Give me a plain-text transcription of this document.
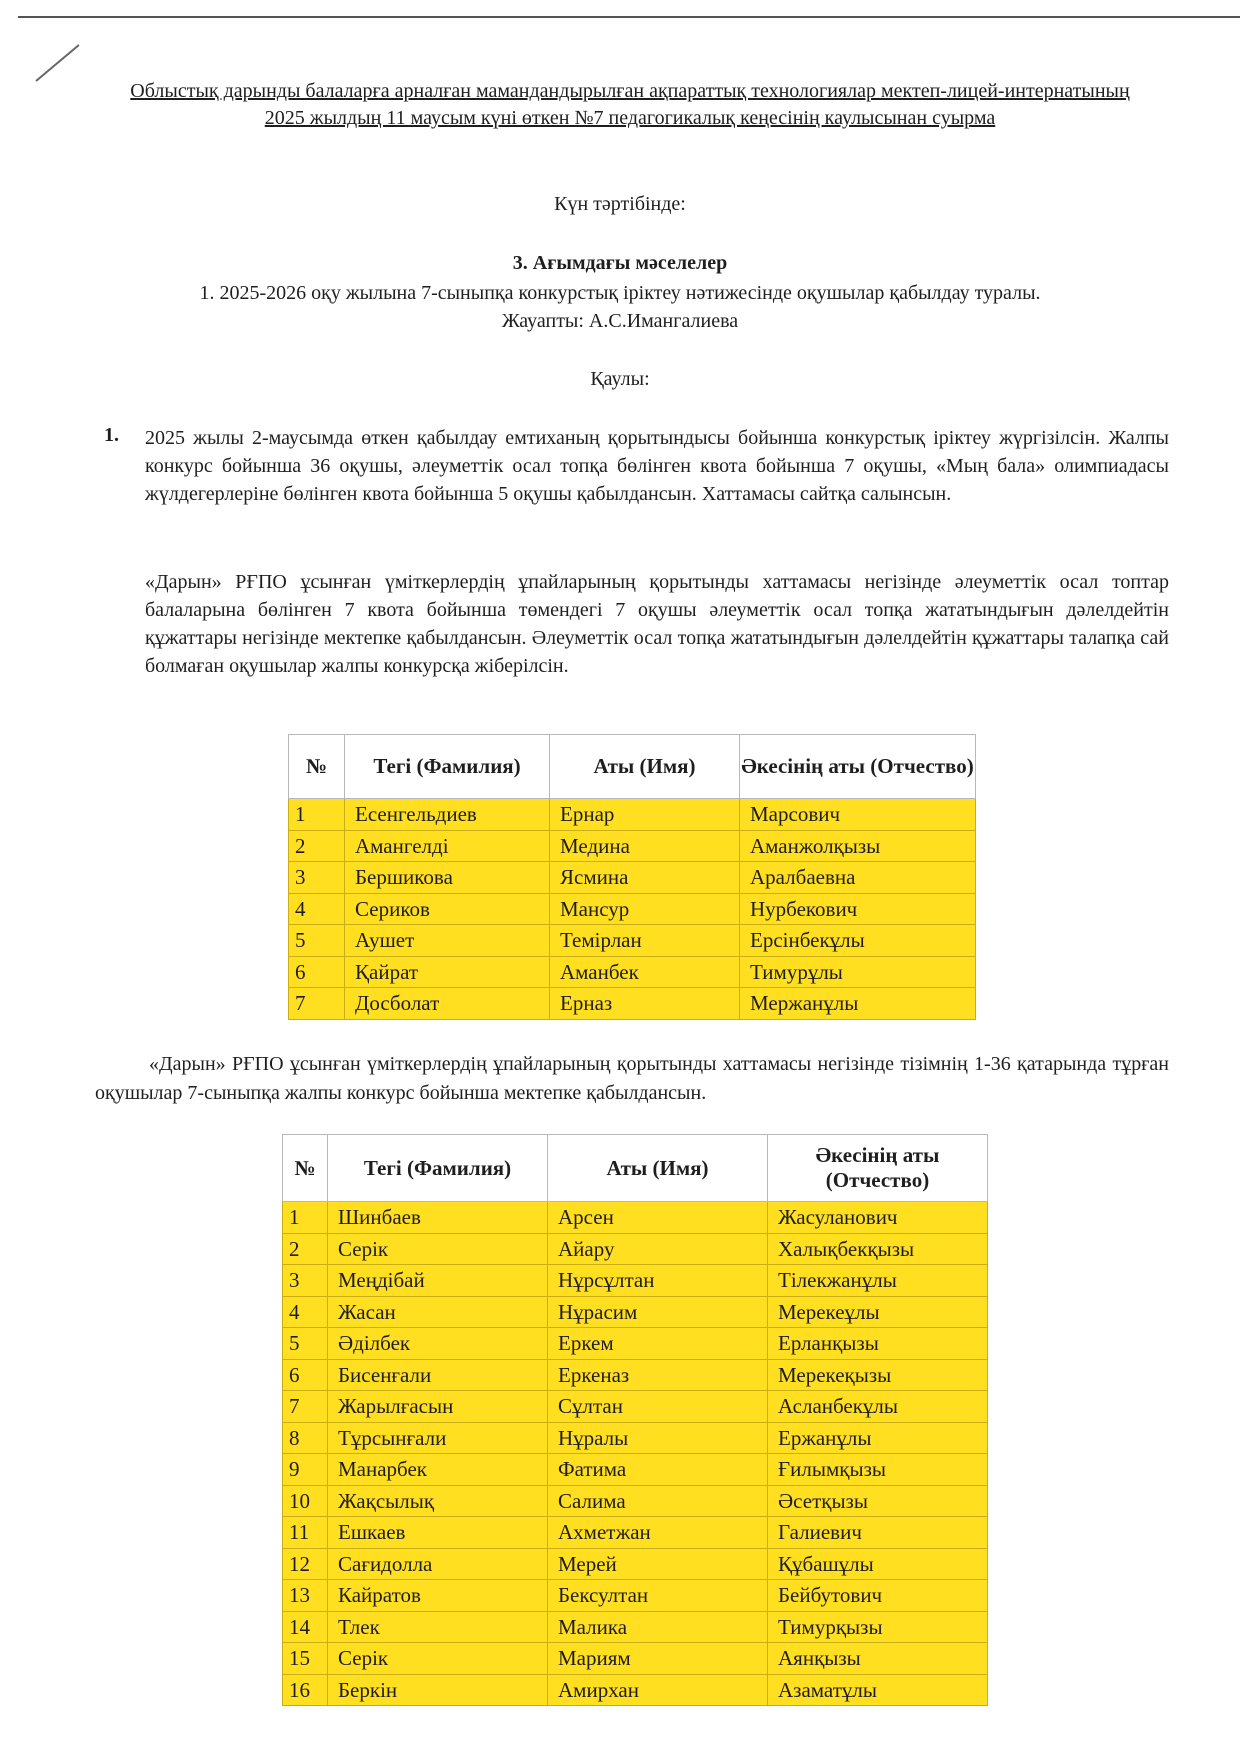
Облыстық дарынды балаларға арналған мамандандырылған ақпараттық технологиялар мектеп-лицей-интернатының
2025 жылдың 11 маусым күні өткен №7 педагогикалық кеңесінің каулысынан суырма
Күн тәртібінде:
3. Ағымдағы мәселелер
1. 2025-2026 оқу жылына 7-сыныпқа конкурстық іріктеу нәтижесінде оқушылар қабылдау туралы.
Жауапты: А.С.Имангалиева
Қаулы:
1. 2025 жылы 2-маусымда өткен қабылдау емтиханың қорытындысы бойынша конкурстық іріктеу жүргізілсін. Жалпы конкурс бойынша 36 оқушы, әлеуметтік осал топқа бөлінген квота бойынша 7 оқушы, «Мың бала» олимпиадасы жүлдегерлеріне бөлінген квота бойынша 5 оқушы қабылдансын. Хаттамасы сайтқа салынсын.
«Дарын» РҒПО ұсынған үміткерлердің ұпайларының қорытынды хаттамасы негізінде әлеуметтік осал топтар балаларына бөлінген 7 квота бойынша төмендегі 7 оқушы әлеуметтік осал топқа жататындығын дәлелдейтін құжаттары негізінде мектепке қабылдансын. Әлеуметтік осал топқа жататындығын дәлелдейтін құжаттары талапқа сай болмаған оқушылар жалпы конкурсқа жіберілсін.
№	Тегі (Фамилия)	Аты (Имя)	Әкесінің аты (Отчество)
1	Есенгельдиев	Ернар	Марсович
2	Амангелді	Медина	Аманжолқызы
3	Бершикова	Ясмина	Аралбаевна
4	Сериков	Мансур	Нурбекович
5	Аушет	Темірлан	Ерсінбекұлы
6	Қайрат	Аманбек	Тимурұлы
7	Досболат	Ерназ	Мержанұлы
«Дарын» РҒПО ұсынған үміткерлердің ұпайларының қорытынды хаттамасы негізінде тізімнің 1-36 қатарында тұрған оқушылар 7-сыныпқа жалпы конкурс бойынша мектепке қабылдансын.
№	Тегі (Фамилия)	Аты (Имя)	Әкесінің аты (Отчество)
1	Шинбаев	Арсен	Жасуланович
2	Серік	Айару	Халықбекқызы
3	Меңдібай	Нұрсұлтан	Тілекжанұлы
4	Жасан	Нұрасим	Мерекеұлы
5	Әділбек	Еркем	Ерланқызы
6	Бисенғали	Еркеназ	Мерекеқызы
7	Жарылғасын	Сұлтан	Асланбекұлы
8	Тұрсынғали	Нұралы	Ержанұлы
9	Манарбек	Фатима	Ғилымқызы
10	Жақсылық	Салима	Әсетқызы
11	Ешкаев	Ахметжан	Галиевич
12	Сағидолла	Мерей	Құбашұлы
13	Кайратов	Бексултан	Бейбутович
14	Тлек	Малика	Тимурқызы
15	Серік	Мариям	Аянқызы
16	Беркін	Амирхан	Азаматұлы
